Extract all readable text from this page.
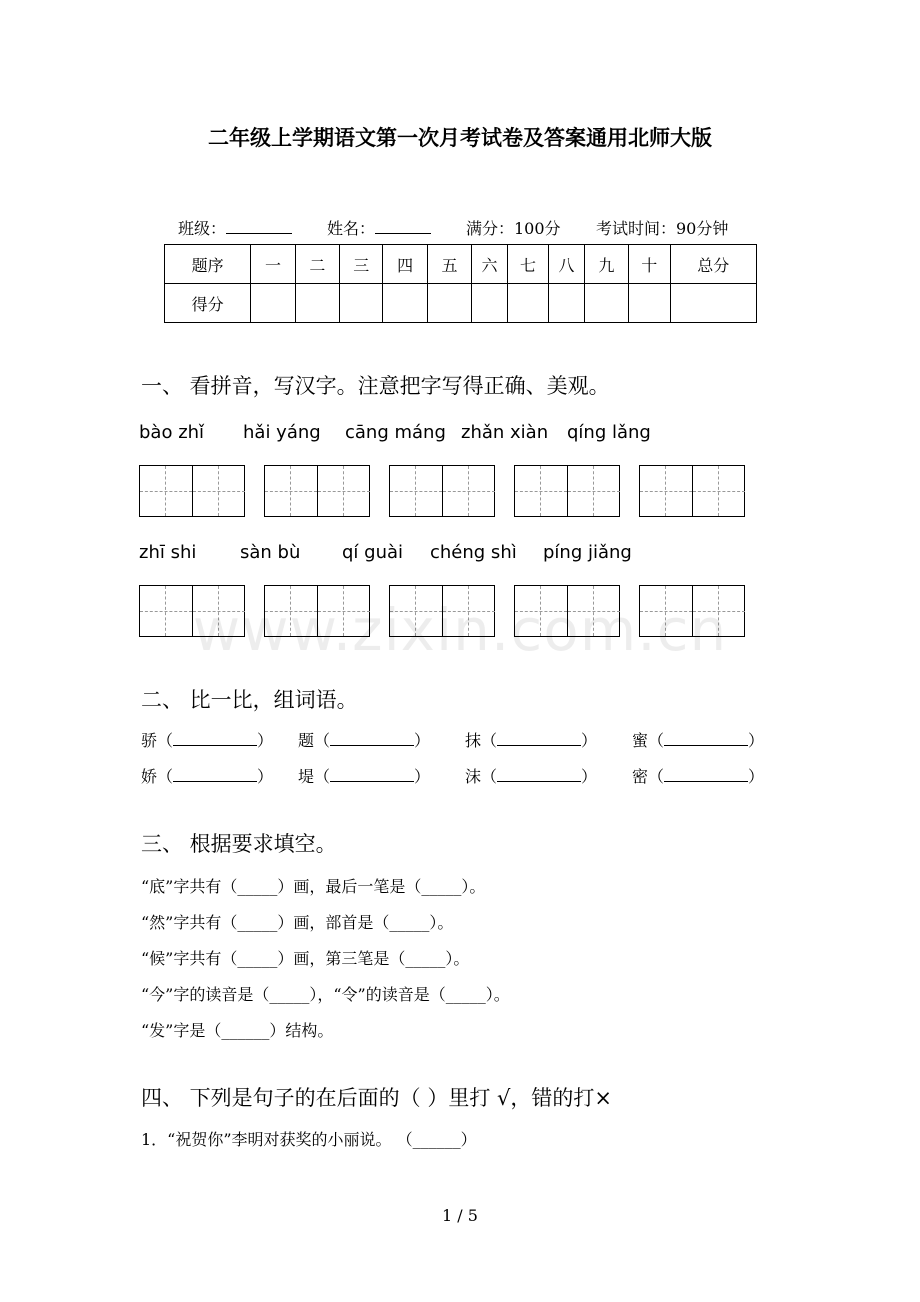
二年级上学期语文第一次月考试卷及答案通用北师大版
班级：	姓名：	满分：100分 考试时间：90分钟
题序	一	二	三	四	五	六	七	八	九	十	总分
得分											
一、 看拼音，写汉字。注意把字写得正确、美观。
bào zhǐ hǎi yáng cāng máng zhǎn xiàn qíng lǎng
zhī shi sàn bù qí guài chéng shì píng jiǎng
www.zixin.com.cn
二、 比一比，组词语。
骄（	） 题（	） 抹（	） 蜜（	）
娇（	） 堤（	） 沫（	） 密（	）
三、 根据要求填空。
“底”字共有（_____）画，最后一笔是（_____）。
“然”字共有（_____）画，部首是（_____）。
“候”字共有（_____）画，第三笔是（_____）。
“今”字的读音是（_____），“令”的读音是（_____）。
“发”字是（______）结构。
四、 下列是句子的在后面的（ ）里打 √，错的打×
1．“祝贺你”李明对获奖的小丽说。 （______）
1 / 5
